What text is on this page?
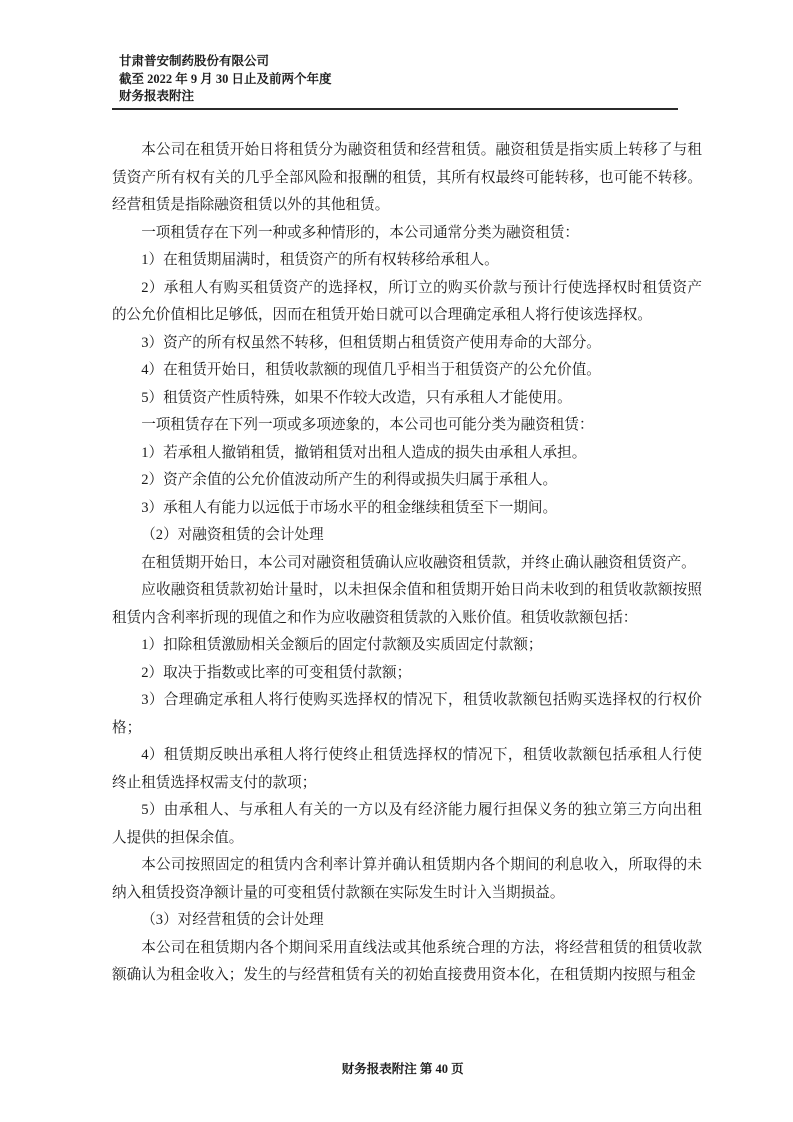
甘肃普安制药股份有限公司
截至 2022 年 9 月 30 日止及前两个年度
财务报表附注

本公司在租赁开始日将租赁分为融资租赁和经营租赁。融资租赁是指实质上转移了与租赁资产所有权有关的几乎全部风险和报酬的租赁，其所有权最终可能转移，也可能不转移。经营租赁是指除融资租赁以外的其他租赁。

一项租赁存在下列一种或多种情形的，本公司通常分类为融资租赁：

1）在租赁期届满时，租赁资产的所有权转移给承租人。

2）承租人有购买租赁资产的选择权，所订立的购买价款与预计行使选择权时租赁资产的公允价值相比足够低，因而在租赁开始日就可以合理确定承租人将行使该选择权。

3）资产的所有权虽然不转移，但租赁期占租赁资产使用寿命的大部分。

4）在租赁开始日，租赁收款额的现值几乎相当于租赁资产的公允价值。

5）租赁资产性质特殊，如果不作较大改造，只有承租人才能使用。

一项租赁存在下列一项或多项迹象的，本公司也可能分类为融资租赁：

1）若承租人撤销租赁，撤销租赁对出租人造成的损失由承租人承担。

2）资产余值的公允价值波动所产生的利得或损失归属于承租人。

3）承租人有能力以远低于市场水平的租金继续租赁至下一期间。

（2）对融资租赁的会计处理

在租赁期开始日，本公司对融资租赁确认应收融资租赁款，并终止确认融资租赁资产。

应收融资租赁款初始计量时，以未担保余值和租赁期开始日尚未收到的租赁收款额按照租赁内含利率折现的现值之和作为应收融资租赁款的入账价值。租赁收款额包括：

1）扣除租赁激励相关金额后的固定付款额及实质固定付款额；

2）取决于指数或比率的可变租赁付款额；

3）合理确定承租人将行使购买选择权的情况下，租赁收款额包括购买选择权的行权价格；

4）租赁期反映出承租人将行使终止租赁选择权的情况下，租赁收款额包括承租人行使终止租赁选择权需支付的款项；

5）由承租人、与承租人有关的一方以及有经济能力履行担保义务的独立第三方向出租人提供的担保余值。

本公司按照固定的租赁内含利率计算并确认租赁期内各个期间的利息收入，所取得的未纳入租赁投资净额计量的可变租赁付款额在实际发生时计入当期损益。

（3）对经营租赁的会计处理

本公司在租赁期内各个期间采用直线法或其他系统合理的方法，将经营租赁的租赁收款额确认为租金收入；发生的与经营租赁有关的初始直接费用资本化，在租赁期内按照与租金

财务报表附注 第 40 页
